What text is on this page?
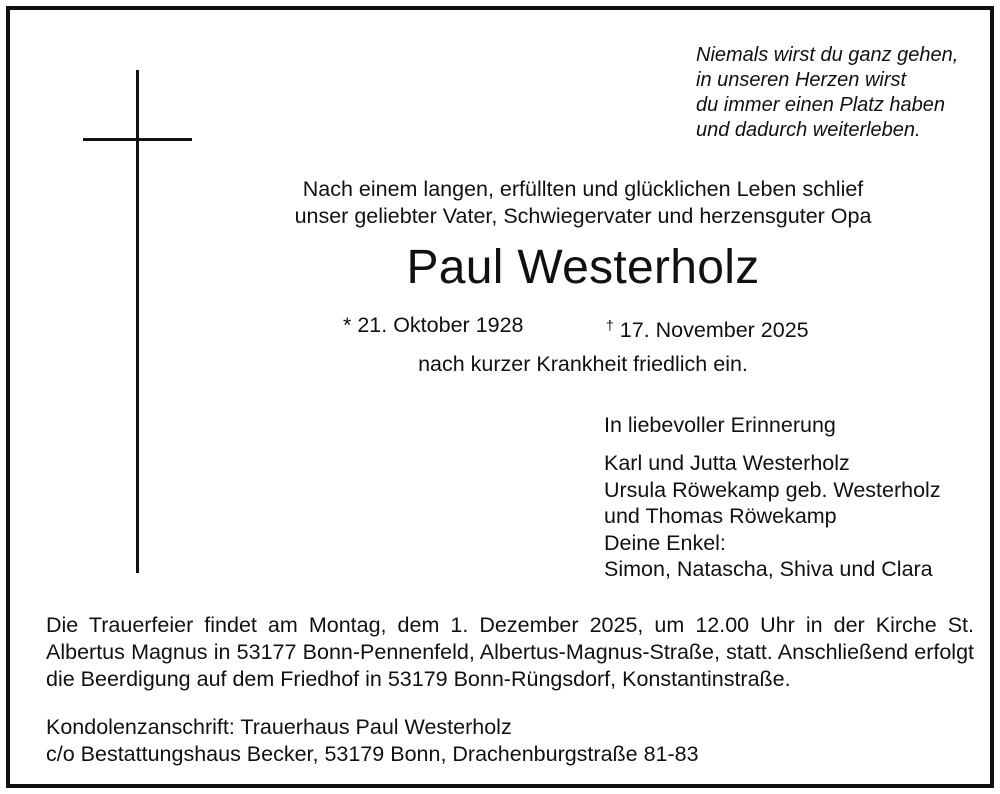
Niemals wirst du ganz gehen,
in unseren Herzen wirst
du immer einen Platz haben
und dadurch weiterleben.
Nach einem langen, erfüllten und glücklichen Leben schlief
unser geliebter Vater, Schwiegervater und herzensguter Opa
Paul Westerholz
* 21. Oktober 1928	† 17. November 2025
nach kurzer Krankheit friedlich ein.
In liebevoller Erinnerung
Karl und Jutta Westerholz
Ursula Röwekamp geb. Westerholz
und Thomas Röwekamp
Deine Enkel:
Simon, Natascha, Shiva und Clara
Die Trauerfeier findet am Montag, dem 1. Dezember 2025, um 12.00 Uhr in der Kirche St. Albertus Magnus in 53177 Bonn-Pennenfeld, Albertus-Magnus-Straße, statt. Anschließend erfolgt die Beerdigung auf dem Friedhof in 53179 Bonn-Rüngsdorf, Konstantinstraße.
Kondolenzanschrift: Trauerhaus Paul Westerholz
c/o Bestattungshaus Becker, 53179 Bonn, Drachenburgstraße 81-83
